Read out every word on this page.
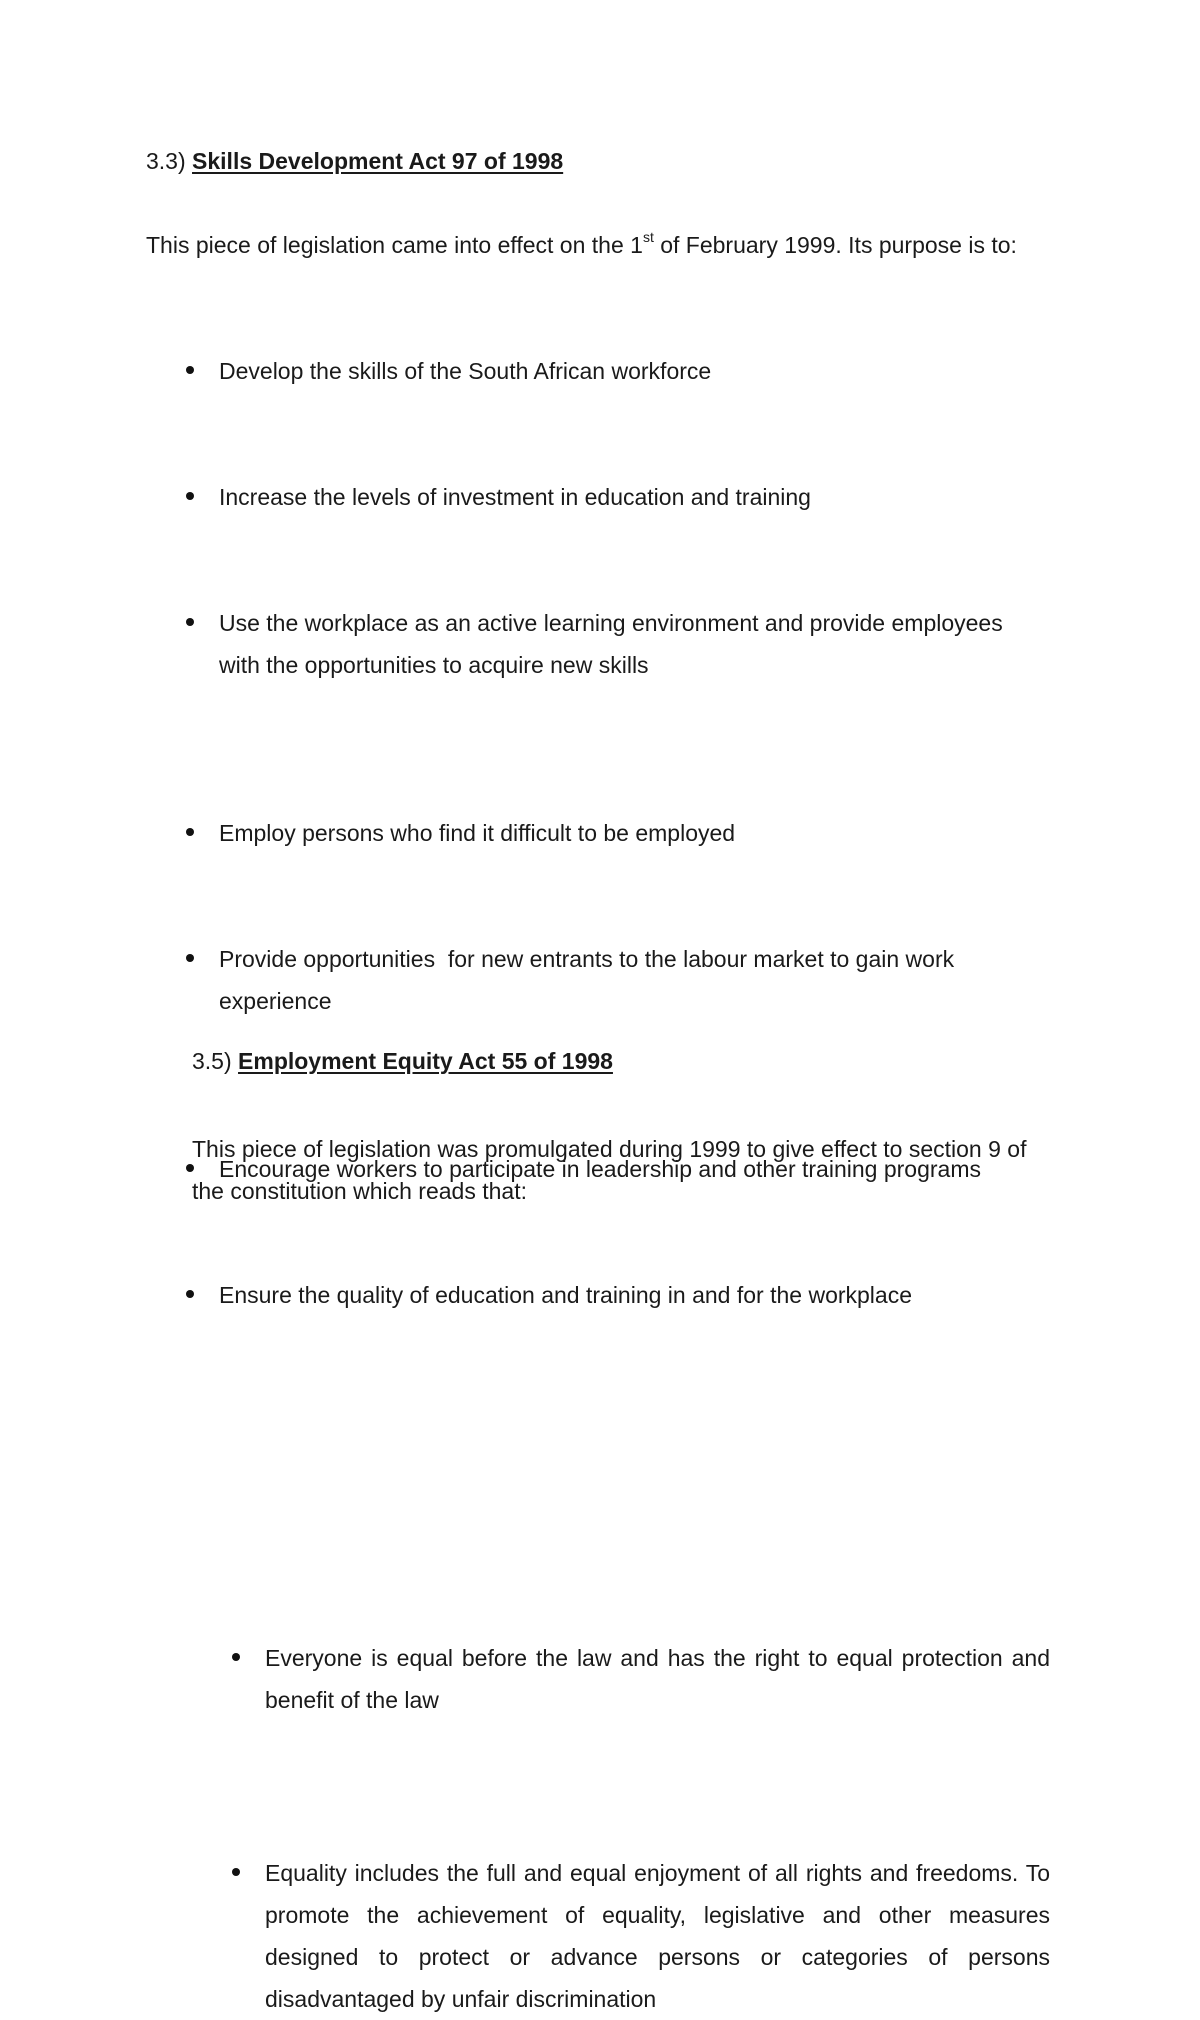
3.3) Skills Development Act 97 of 1998

This piece of legislation came into effect on the 1st of February 1999. Its purpose is to:

Develop the skills of the South African workforce
Increase the levels of investment in education and training
Use the workplace as an active learning environment and provide employees with the opportunities to acquire new skills
Employ persons who find it difficult to be employed
Provide opportunities  for new entrants to the labour market to gain work experience
Encourage workers to participate in leadership and other training programs
Ensure the quality of education and training in and for the workplace
3.5) Employment Equity Act 55 of 1998

This piece of legislation was promulgated during 1999 to give effect to section 9 of the constitution which reads that:

Everyone is equal before the law and has the right to equal protection and benefit of the law
Equality includes the full and equal enjoyment of all rights and freedoms. To promote the achievement of equality, legislative and other measures designed to protect or advance persons or categories of persons disadvantaged by unfair discrimination
